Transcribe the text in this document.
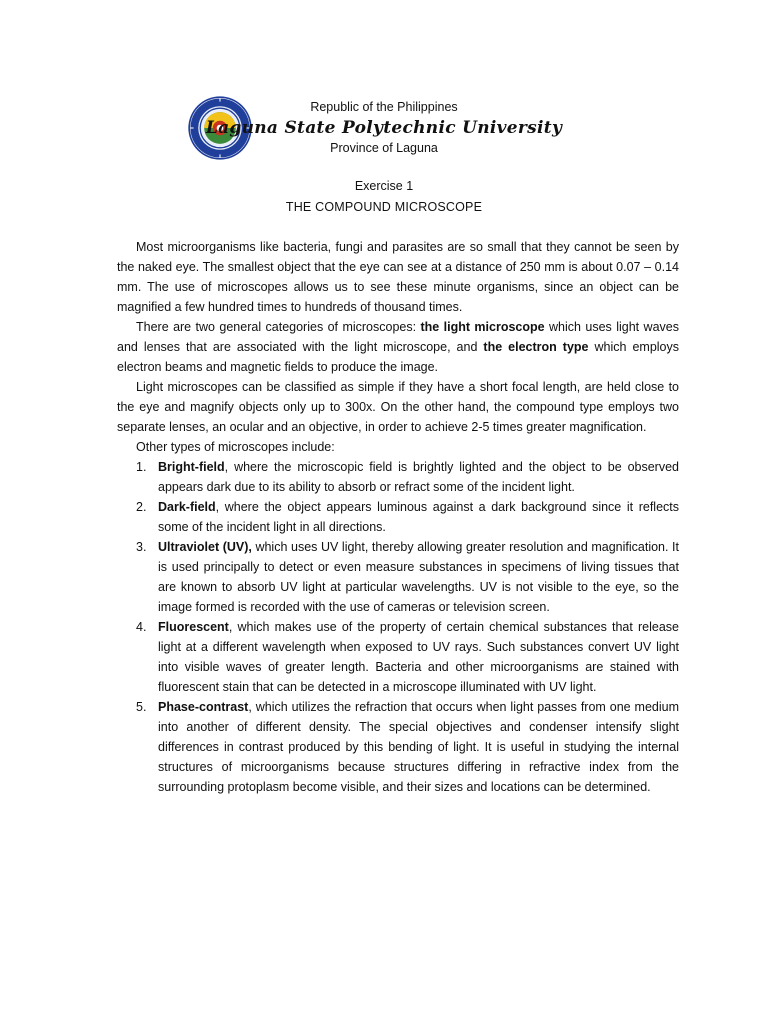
Republic of the Philippines
Laguna State Polytechnic University
Province of Laguna
Exercise 1
THE COMPOUND MICROSCOPE

Most microorganisms like bacteria, fungi and parasites are so small that they cannot be seen by the naked eye. The smallest object that the eye can see at a distance of 250 mm is about 0.07 – 0.14 mm. The use of microscopes allows us to see these minute organisms, since an object can be magnified a few hundred times to hundreds of thousand times.

There are two general categories of microscopes: the light microscope which uses light waves and lenses that are associated with the light microscope, and the electron type which employs electron beams and magnetic fields to produce the image.

Light microscopes can be classified as simple if they have a short focal length, are held close to the eye and magnify objects only up to 300x. On the other hand, the compound type employs two separate lenses, an ocular and an objective, in order to achieve 2-5 times greater magnification.

Other types of microscopes include:

1. Bright-field, where the microscopic field is brightly lighted and the object to be observed appears dark due to its ability to absorb or refract some of the incident light.
2. Dark-field, where the object appears luminous against a dark background since it reflects some of the incident light in all directions.
3. Ultraviolet (UV), which uses UV light, thereby allowing greater resolution and magnification. It is used principally to detect or even measure substances in specimens of living tissues that are known to absorb UV light at particular wavelengths. UV is not visible to the eye, so the image formed is recorded with the use of cameras or television screen.
4. Fluorescent, which makes use of the property of certain chemical substances that release light at a different wavelength when exposed to UV rays. Such substances convert UV light into visible waves of greater length. Bacteria and other microorganisms are stained with fluorescent stain that can be detected in a microscope illuminated with UV light.
5. Phase-contrast, which utilizes the refraction that occurs when light passes from one medium into another of different density. The special objectives and condenser intensify slight differences in contrast produced by this bending of light. It is useful in studying the internal structures of microorganisms because structures differing in refractive index from the surrounding protoplasm become visible, and their sizes and locations can be determined.
